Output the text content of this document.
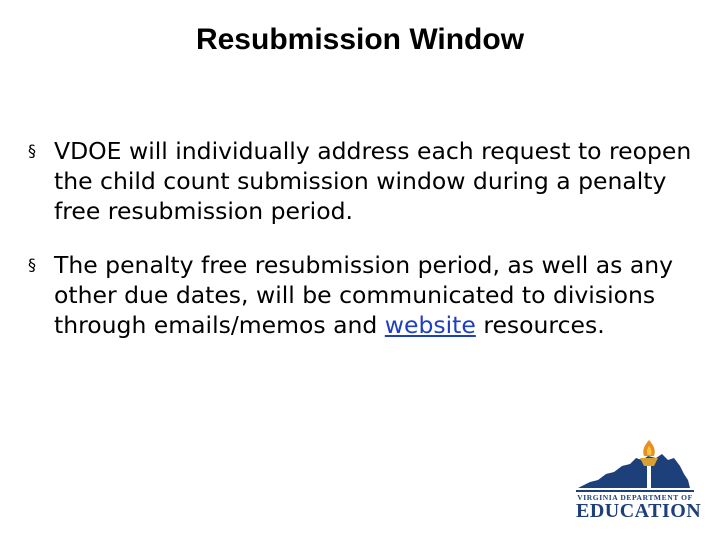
Resubmission Window
§ VDOE will individually address each request to reopen the child count submission window during a penalty free resubmission period.
§ The penalty free resubmission period, as well as any other due dates, will be communicated to divisions through emails/memos and website resources.
VIRGINIA DEPARTMENT OF
EDUCATION
